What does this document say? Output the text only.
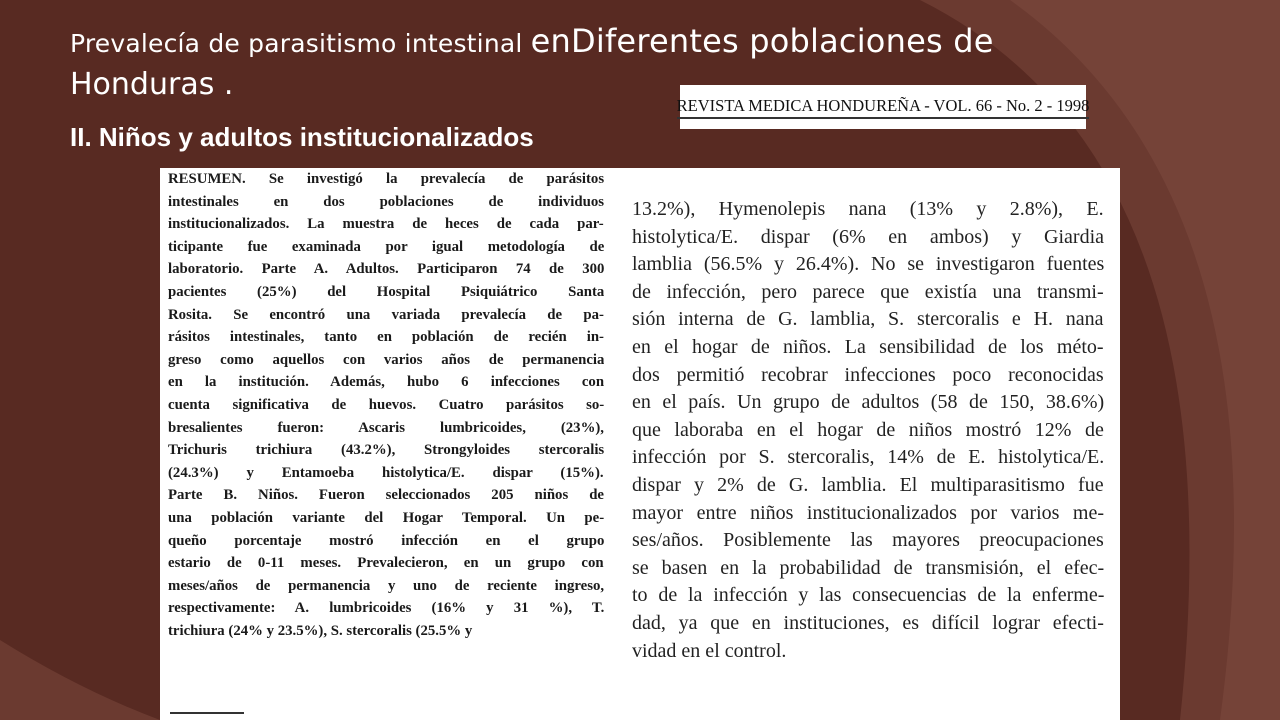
Prevalecía de parasitismo intestinal enDiferentes poblaciones de
Honduras .
REVISTA MEDICA HONDUREÑA - VOL. 66 - No. 2 - 1998
II. Niños y adultos institucionalizados
RESUMEN. Se investigó la prevalecía de parásitos
intestinales en dos poblaciones de individuos
institucionalizados. La muestra de heces de cada par-
ticipante fue examinada por igual metodología de
laboratorio. Parte A. Adultos. Participaron 74 de 300
pacientes (25%) del Hospital Psiquiátrico Santa
Rosita. Se encontró una variada prevalecía de pa-
rásitos intestinales, tanto en población de recién in-
greso como aquellos con varios años de permanencia
en la institución. Además, hubo 6 infecciones con
cuenta significativa de huevos. Cuatro parásitos so-
bresalientes fueron: Ascaris lumbricoides, (23%),
Trichuris trichiura (43.2%), Strongyloides stercoralis
(24.3%) y Entamoeba histolytica/E. dispar (15%).
Parte B. Niños. Fueron seleccionados 205 niños de
una población variante del Hogar Temporal. Un pe-
queño porcentaje mostró infección en el grupo
estario de 0-11 meses. Prevalecieron, en un grupo con
meses/años de permanencia y uno de reciente ingreso,
respectivamente: A. lumbricoides (16% y 31 %), T.
trichiura (24% y 23.5%), S. stercoralis (25.5% y
13.2%), Hymenolepis nana (13% y 2.8%), E.
histolytica/E. dispar (6% en ambos) y Giardia
lamblia (56.5% y 26.4%). No se investigaron fuentes
de infección, pero parece que existía una transmi-
sión interna de G. lamblia, S. stercoralis e H. nana
en el hogar de niños. La sensibilidad de los méto-
dos permitió recobrar infecciones poco reconocidas
en el país. Un grupo de adultos (58 de 150, 38.6%)
que laboraba en el hogar de niños mostró 12% de
infección por S. stercoralis, 14% de E. histolytica/E.
dispar y 2% de G. lamblia. El multiparasitismo fue
mayor entre niños institucionalizados por varios me-
ses/años. Posiblemente las mayores preocupaciones
se basen en la probabilidad de transmisión, el efec-
to de la infección y las consecuencias de la enfermе-
dad, ya que en instituciones, es difícil lograr efecti-
vidad en el control.
